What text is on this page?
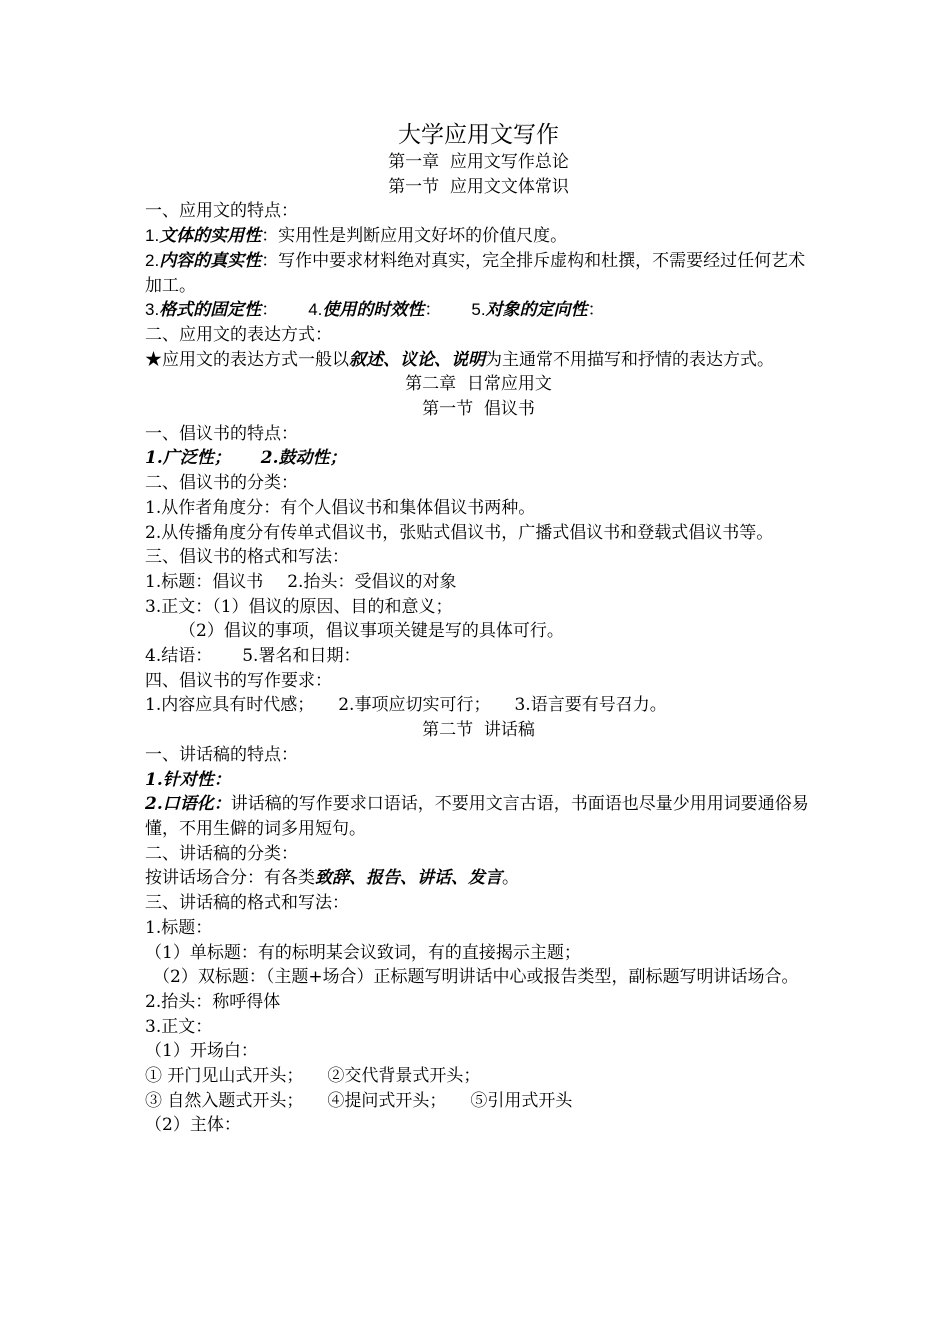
大学应用文写作

第一章  应用文写作总论

第一节  应用文文体常识

一、应用文的特点：

1.文体的实用性：实用性是判断应用文好坏的价值尺度。

2.内容的真实性：写作中要求材料绝对真实，完全排斥虚构和杜撰，不需要经过任何艺术加工。

3.格式的固定性： 4.使用的时效性： 5.对象的定向性：

二、应用文的表达方式：

★应用文的表达方式一般以叙述、议论、说明为主通常不用描写和抒情的表达方式。

第二章  日常应用文

第一节  倡议书

一、倡议书的特点：

1.广泛性； 2.鼓动性；

二、倡议书的分类：

1.从作者角度分：有个人倡议书和集体倡议书两种。

2.从传播角度分有传单式倡议书，张贴式倡议书，广播式倡议书和登载式倡议书等。

三、倡议书的格式和写法：

1.标题：倡议书 2.抬头：受倡议的对象

3.正文：（1）倡议的原因、目的和意义；

（2）倡议的事项，倡议事项关键是写的具体可行。

4.结语： 5.署名和日期：

四、倡议书的写作要求：

1.内容应具有时代感； 2.事项应切实可行； 3.语言要有号召力。

第二节  讲话稿

一、讲话稿的特点：

1.针对性：

2.口语化：讲话稿的写作要求口语话，不要用文言古语，书面语也尽量少用用词要通俗易懂，不用生僻的词多用短句。

二、讲话稿的分类：

按讲话场合分：有各类致辞、报告、讲话、发言。

三、讲话稿的格式和写法：

1.标题：

（1）单标题：有的标明某会议致词，有的直接揭示主题；

（2）双标题：（主题+场合）正标题写明讲话中心或报告类型，副标题写明讲话场合。

2.抬头：称呼得体

3.正文：

（1）开场白：

① 开门见山式开头； ②交代背景式开头；

③ 自然入题式开头； ④提问式开头； ⑤引用式开头

（2）主体：
